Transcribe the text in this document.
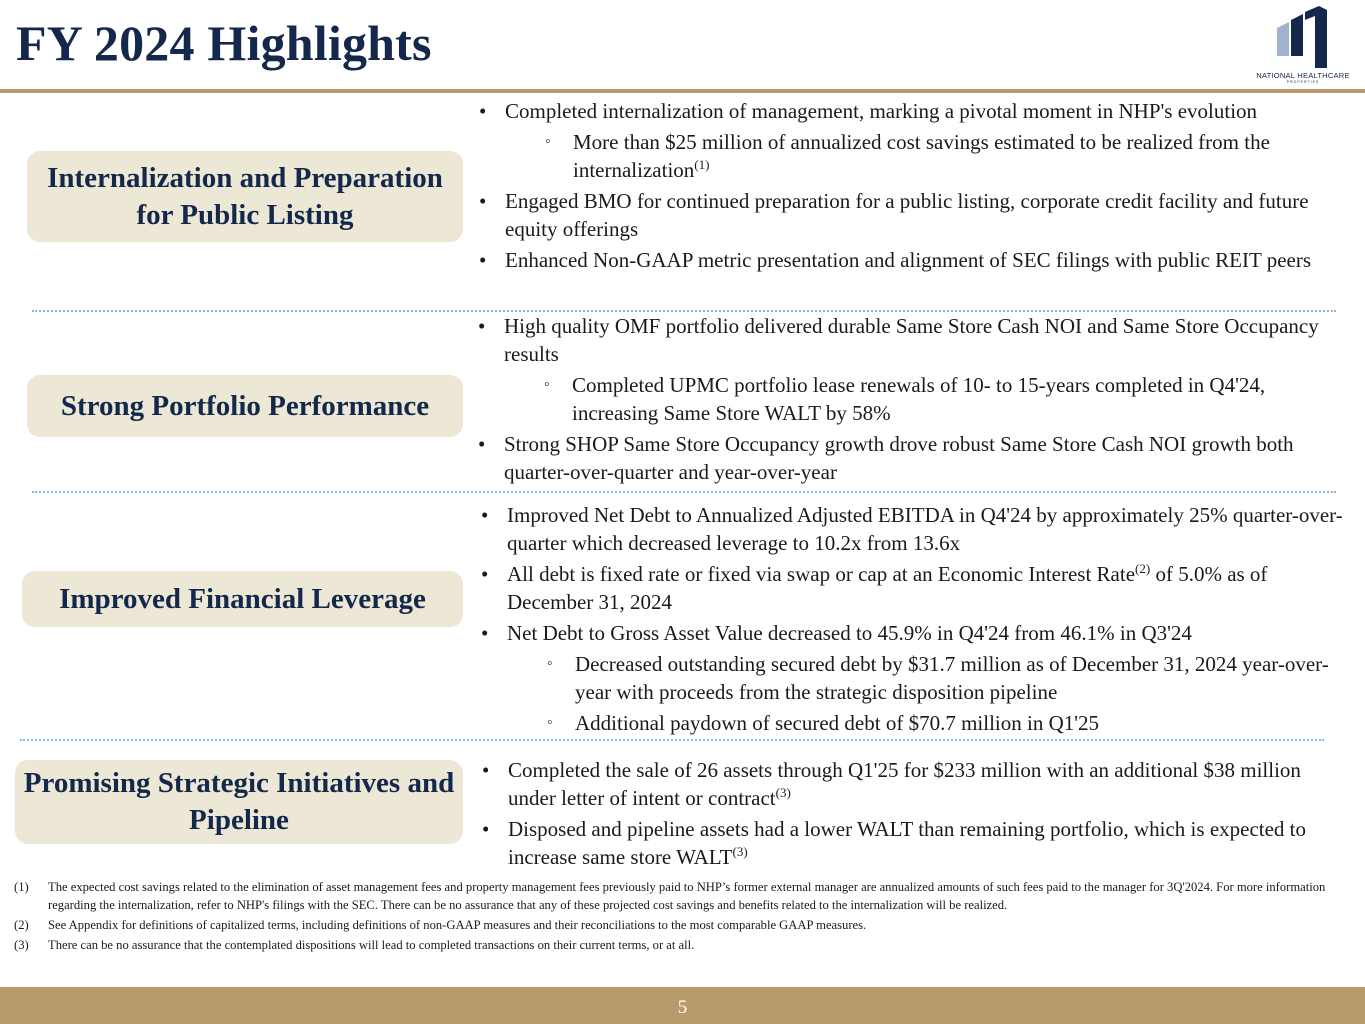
FY 2024 Highlights
NATIONAL HEALTHCARE
PROPERTIES
Internalization and Preparation for Public Listing
• Completed internalization of management, marking a pivotal moment in NHP's evolution
◦ More than $25 million of annualized cost savings estimated to be realized from the internalization$^{(1)}$
• Engaged BMO for continued preparation for a public listing, corporate credit facility and future equity offerings
• Enhanced Non-GAAP metric presentation and alignment of SEC filings with public REIT peers
Strong Portfolio Performance
• High quality OMF portfolio delivered durable Same Store Cash NOI and Same Store Occupancy results
◦ Completed UPMC portfolio lease renewals of 10- to 15-years completed in Q4'24, increasing Same Store WALT by 58%
• Strong SHOP Same Store Occupancy growth drove robust Same Store Cash NOI growth both quarter-over-quarter and year-over-year
Improved Financial Leverage
• Improved Net Debt to Annualized Adjusted EBITDA in Q4'24 by approximately 25% quarter-over-quarter which decreased leverage to 10.2x from 13.6x
• All debt is fixed rate or fixed via swap or cap at an Economic Interest Rate$^{(2)}$ of 5.0% as of December 31, 2024
• Net Debt to Gross Asset Value decreased to 45.9% in Q4'24 from 46.1% in Q3'24
◦ Decreased outstanding secured debt by $31.7 million as of December 31, 2024 year-over-year with proceeds from the strategic disposition pipeline
◦ Additional paydown of secured debt of $70.7 million in Q1'25
Promising Strategic Initiatives and Pipeline
• Completed the sale of 26 assets through Q1'25 for $233 million with an additional $38 million under letter of intent or contract$^{(3)}$
• Disposed and pipeline assets had a lower WALT than remaining portfolio, which is expected to increase same store WALT$^{(3)}$
(1)	The expected cost savings related to the elimination of asset management fees and property management fees previously paid to NHP’s former external manager are annualized amounts of such fees paid to the manager for 3Q'2024. For more information regarding the internalization, refer to NHP's filings with the SEC. There can be no assurance that any of these projected cost savings and benefits related to the internalization will be realized.
(2)	See Appendix for definitions of capitalized terms, including definitions of non-GAAP measures and their reconciliations to the most comparable GAAP measures.
(3)	There can be no assurance that the contemplated dispositions will lead to completed transactions on their current terms, or at all.
5
